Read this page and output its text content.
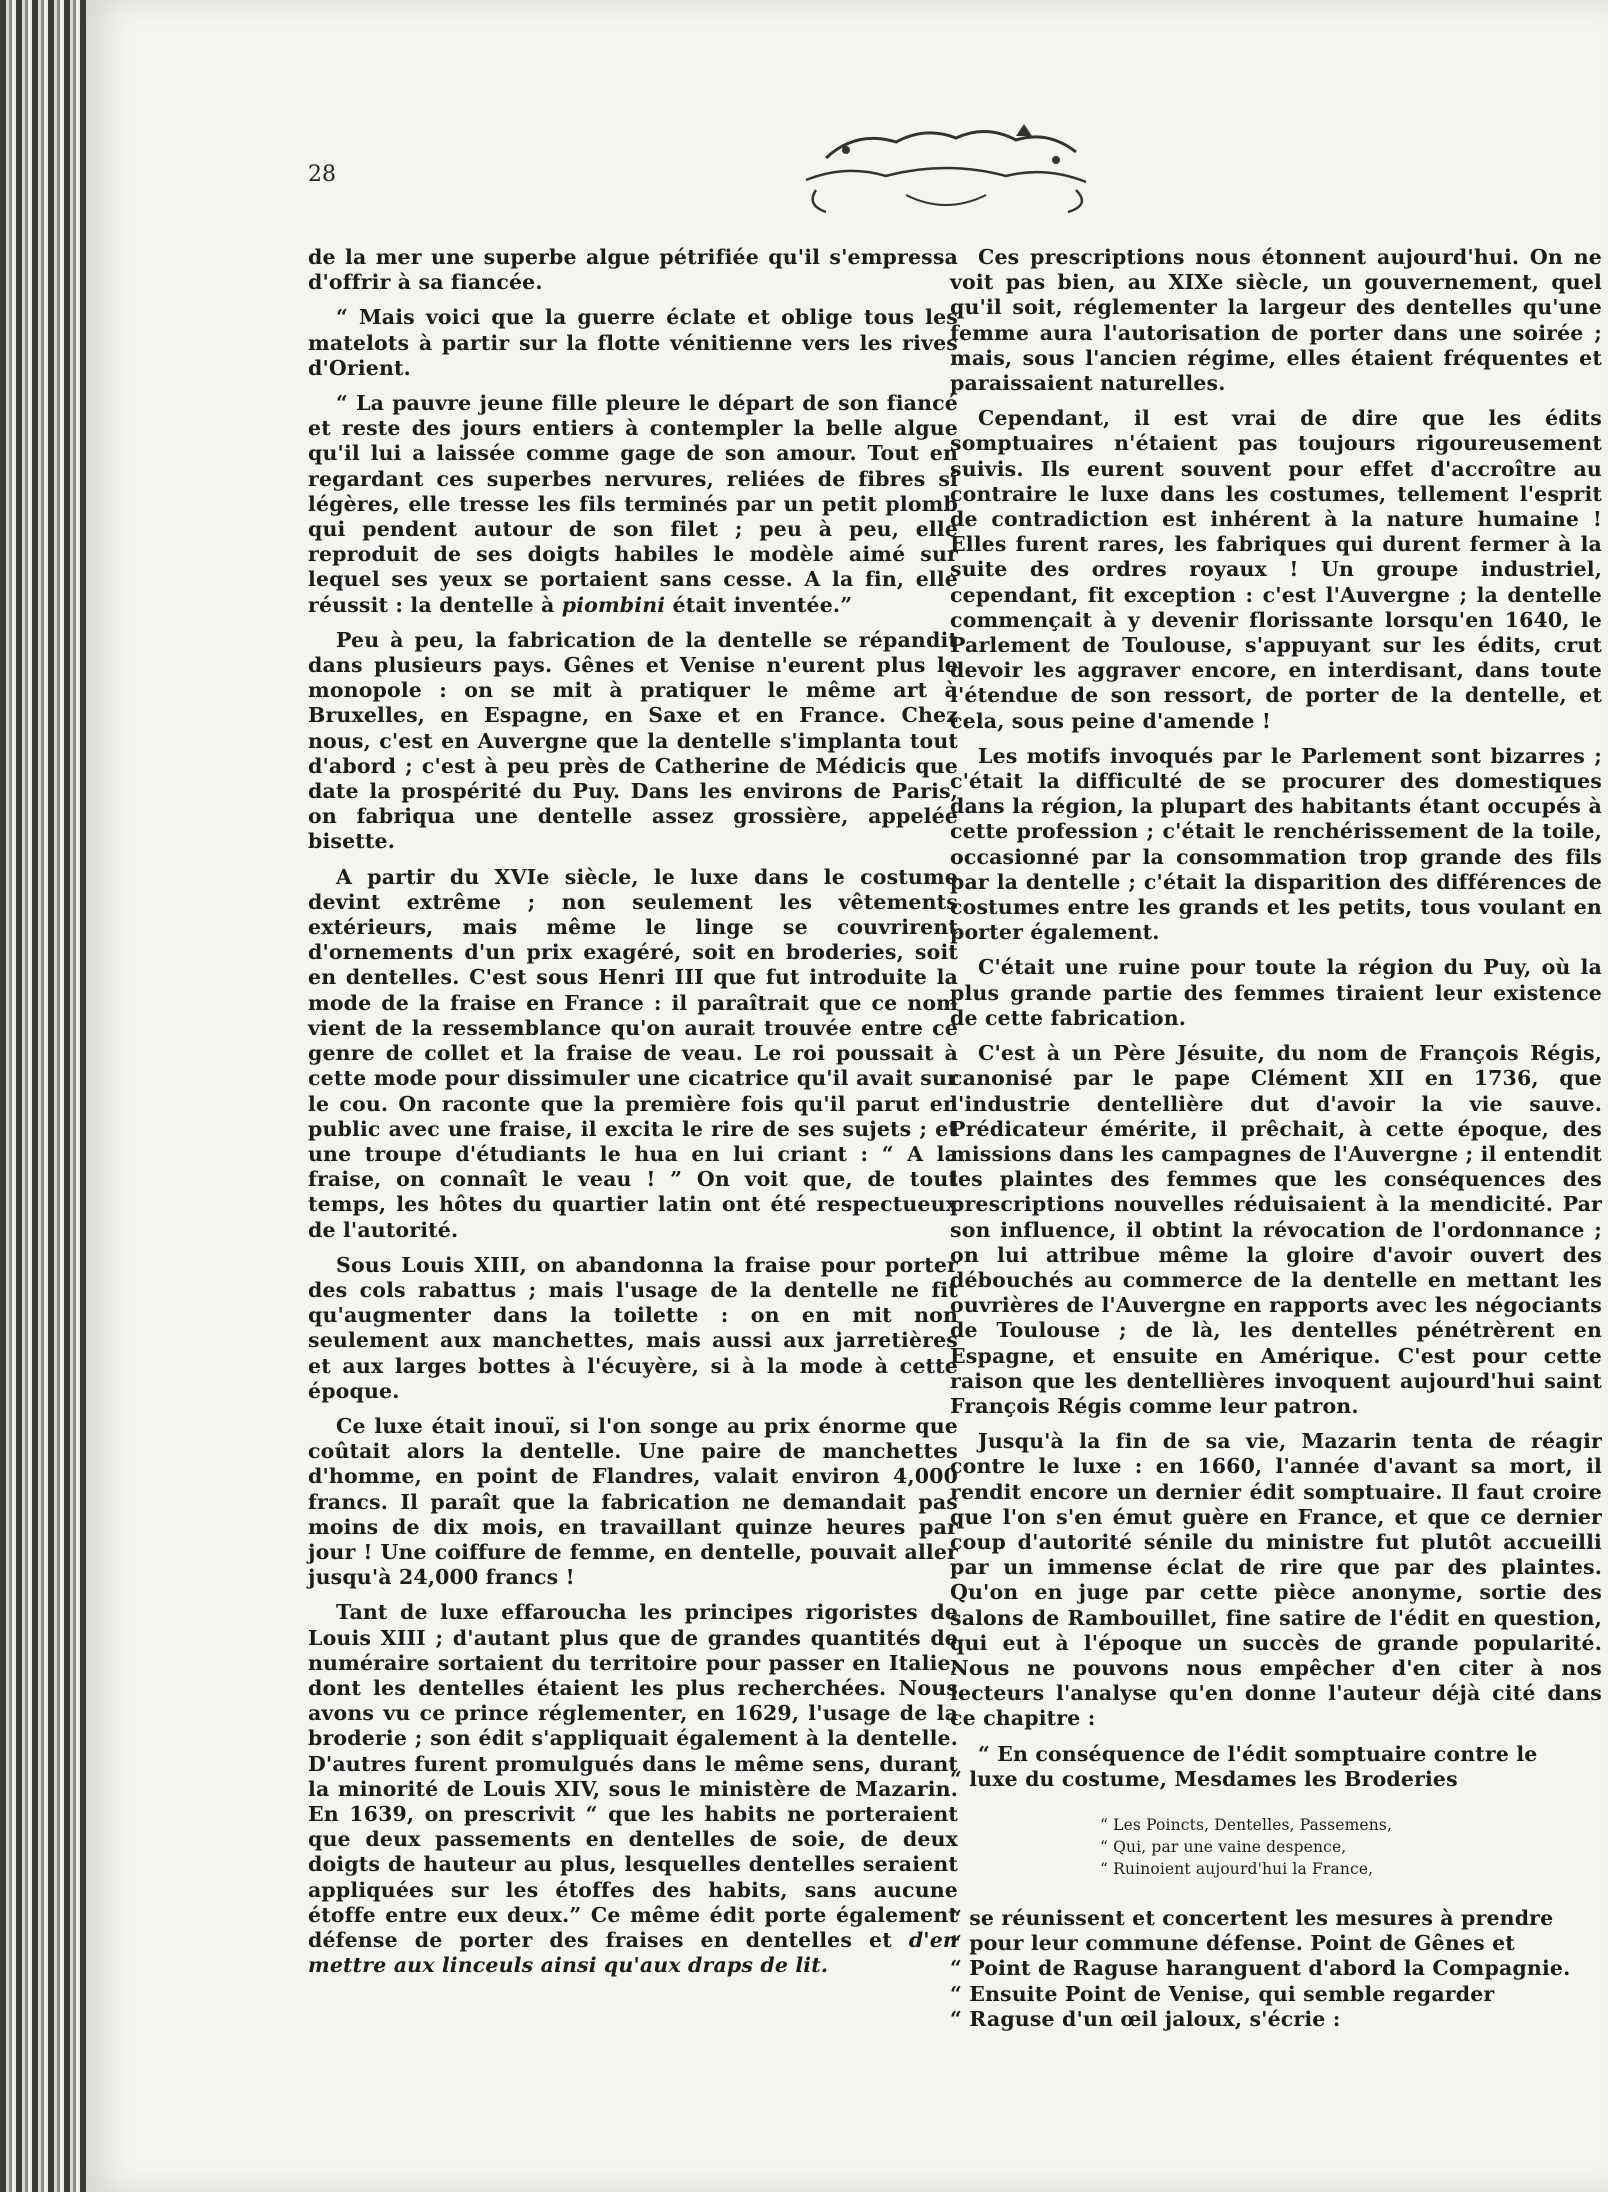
28

de la mer une superbe algue pétrifiée qu'il s'empressa d'offrir à sa fiancée.

“ Mais voici que la guerre éclate et oblige tous les matelots à partir sur la flotte vénitienne vers les rives d'Orient.

“ La pauvre jeune fille pleure le départ de son fiancé et reste des jours entiers à contempler la belle algue qu'il lui a laissée comme gage de son amour. Tout en regardant ces superbes nervures, reliées de fibres si légères, elle tresse les fils terminés par un petit plomb qui pendent autour de son filet ; peu à peu, elle reproduit de ses doigts habiles le modèle aimé sur lequel ses yeux se portaient sans cesse. A la fin, elle réussit : la dentelle à piombini était inventée.”

Peu à peu, la fabrication de la dentelle se répandit dans plusieurs pays. Gênes et Venise n'eurent plus le monopole : on se mit à pratiquer le même art à Bruxelles, en Espagne, en Saxe et en France. Chez nous, c'est en Auvergne que la dentelle s'implanta tout d'abord ; c'est à peu près de Catherine de Médicis que date la prospérité du Puy. Dans les environs de Paris, on fabriqua une dentelle assez grossière, appelée bisette.

A partir du XVIe siècle, le luxe dans le costume devint extrême ; non seulement les vêtements extérieurs, mais même le linge se couvrirent d'ornements d'un prix exagéré, soit en broderies, soit en dentelles. C'est sous Henri III que fut introduite la mode de la fraise en France : il paraîtrait que ce nom vient de la ressemblance qu'on aurait trouvée entre ce genre de collet et la fraise de veau. Le roi poussait à cette mode pour dissimuler une cicatrice qu'il avait sur le cou. On raconte que la première fois qu'il parut en public avec une fraise, il excita le rire de ses sujets ; et une troupe d'étudiants le hua en lui criant : “ A la fraise, on connaît le veau ! ” On voit que, de tout temps, les hôtes du quartier latin ont été respectueux de l'autorité.

Sous Louis XIII, on abandonna la fraise pour porter des cols rabattus ; mais l'usage de la dentelle ne fit qu'augmenter dans la toilette : on en mit non seulement aux manchettes, mais aussi aux jarretières et aux larges bottes à l'écuyère, si à la mode à cette époque.

Ce luxe était inouï, si l'on songe au prix énorme que coûtait alors la dentelle. Une paire de manchettes d'homme, en point de Flandres, valait environ 4,000 francs. Il paraît que la fabrication ne demandait pas moins de dix mois, en travaillant quinze heures par jour ! Une coiffure de femme, en dentelle, pouvait aller jusqu'à 24,000 francs !

Tant de luxe effaroucha les principes rigoristes de Louis XIII ; d'autant plus que de grandes quantités de numéraire sortaient du territoire pour passer en Italie, dont les dentelles étaient les plus recherchées. Nous avons vu ce prince réglementer, en 1629, l'usage de la broderie ; son édit s'appliquait également à la dentelle. D'autres furent promulgués dans le même sens, durant la minorité de Louis XIV, sous le ministère de Mazarin. En 1639, on prescrivit “ que les habits ne porteraient que deux passements en dentelles de soie, de deux doigts de hauteur au plus, lesquelles dentelles seraient appliquées sur les étoffes des habits, sans aucune étoffe entre eux deux.” Ce même édit porte également défense de porter des fraises en dentelles et d'en mettre aux linceuls ainsi qu'aux draps de lit.

Ces prescriptions nous étonnent aujourd'hui. On ne voit pas bien, au XIXe siècle, un gouvernement, quel qu'il soit, réglementer la largeur des dentelles qu'une femme aura l'autorisation de porter dans une soirée ; mais, sous l'ancien régime, elles étaient fréquentes et paraissaient naturelles.

Cependant, il est vrai de dire que les édits somptuaires n'étaient pas toujours rigoureusement suivis. Ils eurent souvent pour effet d'accroître au contraire le luxe dans les costumes, tellement l'esprit de contradiction est inhérent à la nature humaine ! Elles furent rares, les fabriques qui durent fermer à la suite des ordres royaux ! Un groupe industriel, cependant, fit exception : c'est l'Auvergne ; la dentelle commençait à y devenir florissante lorsqu'en 1640, le Parlement de Toulouse, s'appuyant sur les édits, crut devoir les aggraver encore, en interdisant, dans toute l'étendue de son ressort, de porter de la dentelle, et cela, sous peine d'amende !

Les motifs invoqués par le Parlement sont bizarres ; c'était la difficulté de se procurer des domestiques dans la région, la plupart des habitants étant occupés à cette profession ; c'était le renchérissement de la toile, occasionné par la consommation trop grande des fils par la dentelle ; c'était la disparition des différences de costumes entre les grands et les petits, tous voulant en porter également.

C'était une ruine pour toute la région du Puy, où la plus grande partie des femmes tiraient leur existence de cette fabrication.

C'est à un Père Jésuite, du nom de François Régis, canonisé par le pape Clément XII en 1736, que l'industrie dentellière dut d'avoir la vie sauve. Prédicateur émérite, il prêchait, à cette époque, des missions dans les campagnes de l'Auvergne ; il entendit les plaintes des femmes que les conséquences des prescriptions nouvelles réduisaient à la mendicité. Par son influence, il obtint la révocation de l'ordonnance ; on lui attribue même la gloire d'avoir ouvert des débouchés au commerce de la dentelle en mettant les ouvrières de l'Auvergne en rapports avec les négociants de Toulouse ; de là, les dentelles pénétrèrent en Espagne, et ensuite en Amérique. C'est pour cette raison que les dentellières invoquent aujourd'hui saint François Régis comme leur patron.

Jusqu'à la fin de sa vie, Mazarin tenta de réagir contre le luxe : en 1660, l'année d'avant sa mort, il rendit encore un dernier édit somptuaire. Il faut croire que l'on s'en émut guère en France, et que ce dernier coup d'autorité sénile du ministre fut plutôt accueilli par un immense éclat de rire que par des plaintes. Qu'on en juge par cette pièce anonyme, sortie des salons de Rambouillet, fine satire de l'édit en question, qui eut à l'époque un succès de grande popularité. Nous ne pouvons nous empêcher d'en citer à nos lecteurs l'analyse qu'en donne l'auteur déjà cité dans ce chapitre :

“ En conséquence de l'édit somptuaire contre le
“ luxe du costume, Mesdames les Broderies

“ Les Poincts, Dentelles, Passemens,
“ Qui, par une vaine despence,
“ Ruinoient aujourd'hui la France,

“ se réunissent et concertent les mesures à prendre
“ pour leur commune défense. Point de Gênes et
“ Point de Raguse haranguent d'abord la Compagnie.
“ Ensuite Point de Venise, qui semble regarder
“ Raguse d'un œil jaloux, s'écrie :
